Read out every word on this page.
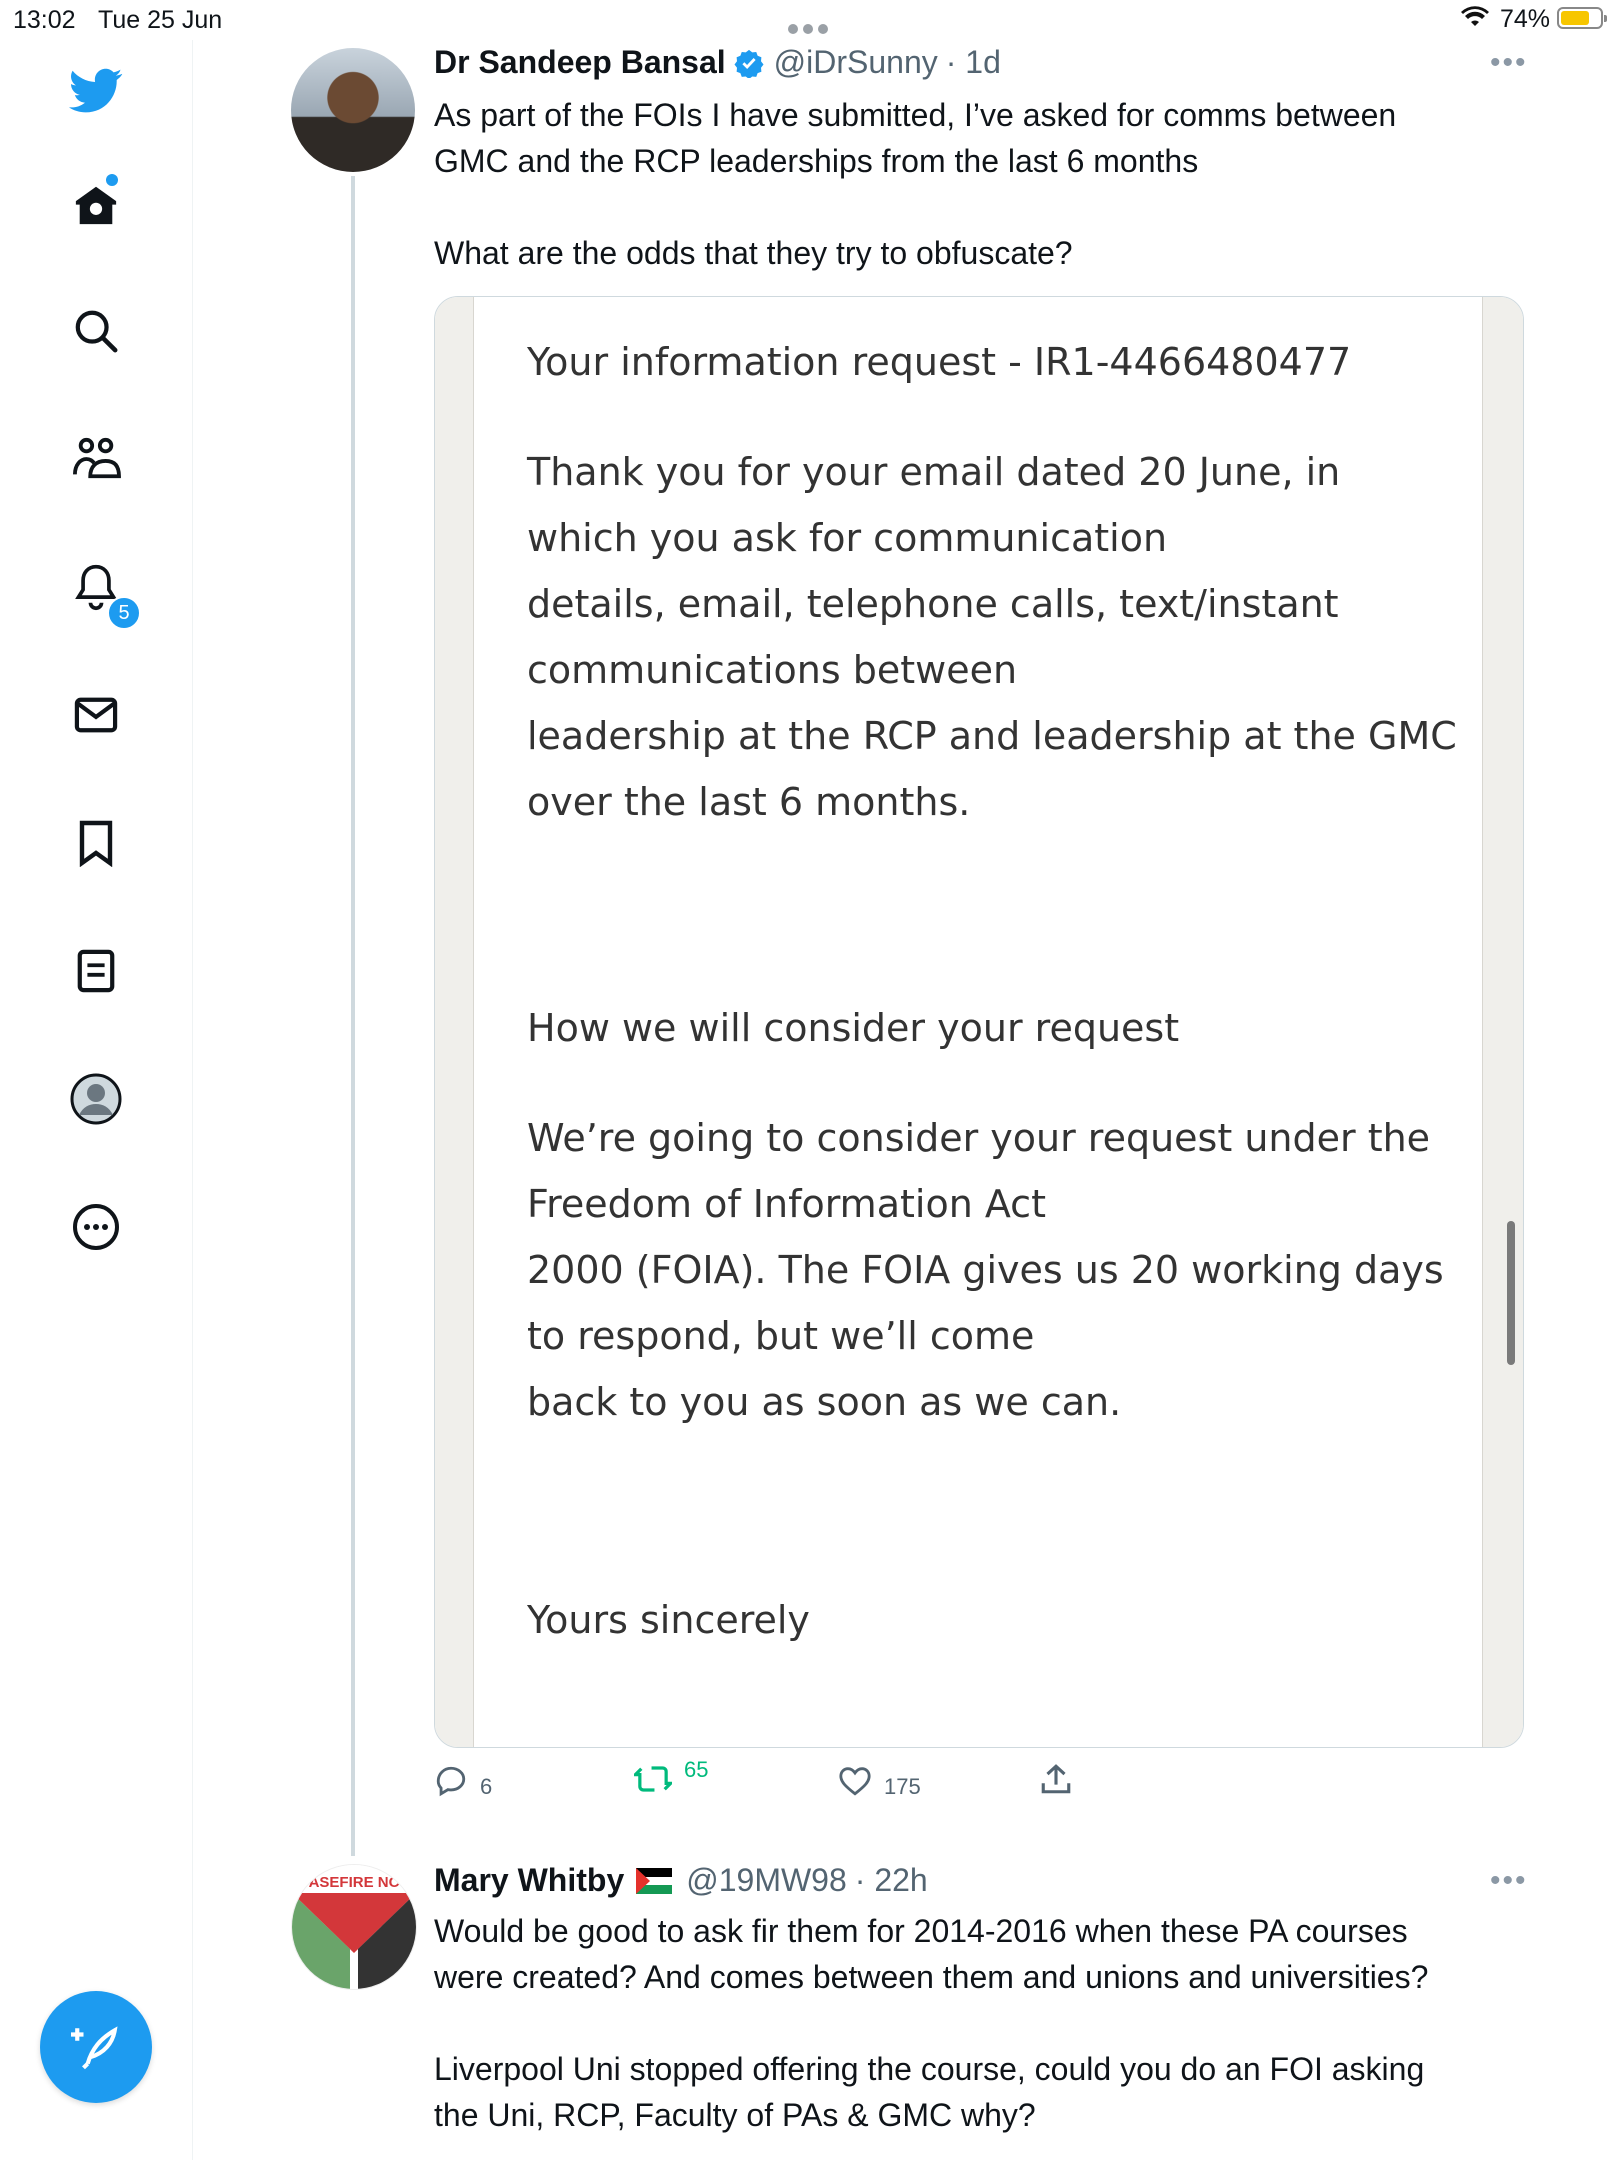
13:02 Tue 25 Jun	74%
5
Dr Sandeep Bansal @iDrSunny · 1d	•••

As part of the FOIs I have submitted, I’ve asked for comms between

GMC and the RCP leaderships from the last 6 months

What are the odds that they try to obfuscate?

Your information request - IR1-4466480477
Thank you for your email dated 20 June, in
which you ask for communication
details, email, telephone calls, text/instant
communications between
leadership at the RCP and leadership at the GMC
over the last 6 months.
How we will consider your request
We’re going to consider your request under the
Freedom of Information Act
2000 (FOIA). The FOIA gives us 20 working days
to respond, but we’ll come
back to you as soon as we can.
Yours sincerely
6
65
175
ASEFIRE NC Mary Whitby @19MW98 · 22h	•••

Would be good to ask fir them for 2014-2016 when these PA courses

were created? And comes between them and unions and universities?

Liverpool Uni stopped offering the course, could you do an FOI asking

the Uni, RCP, Faculty of PAs & GMC why?
